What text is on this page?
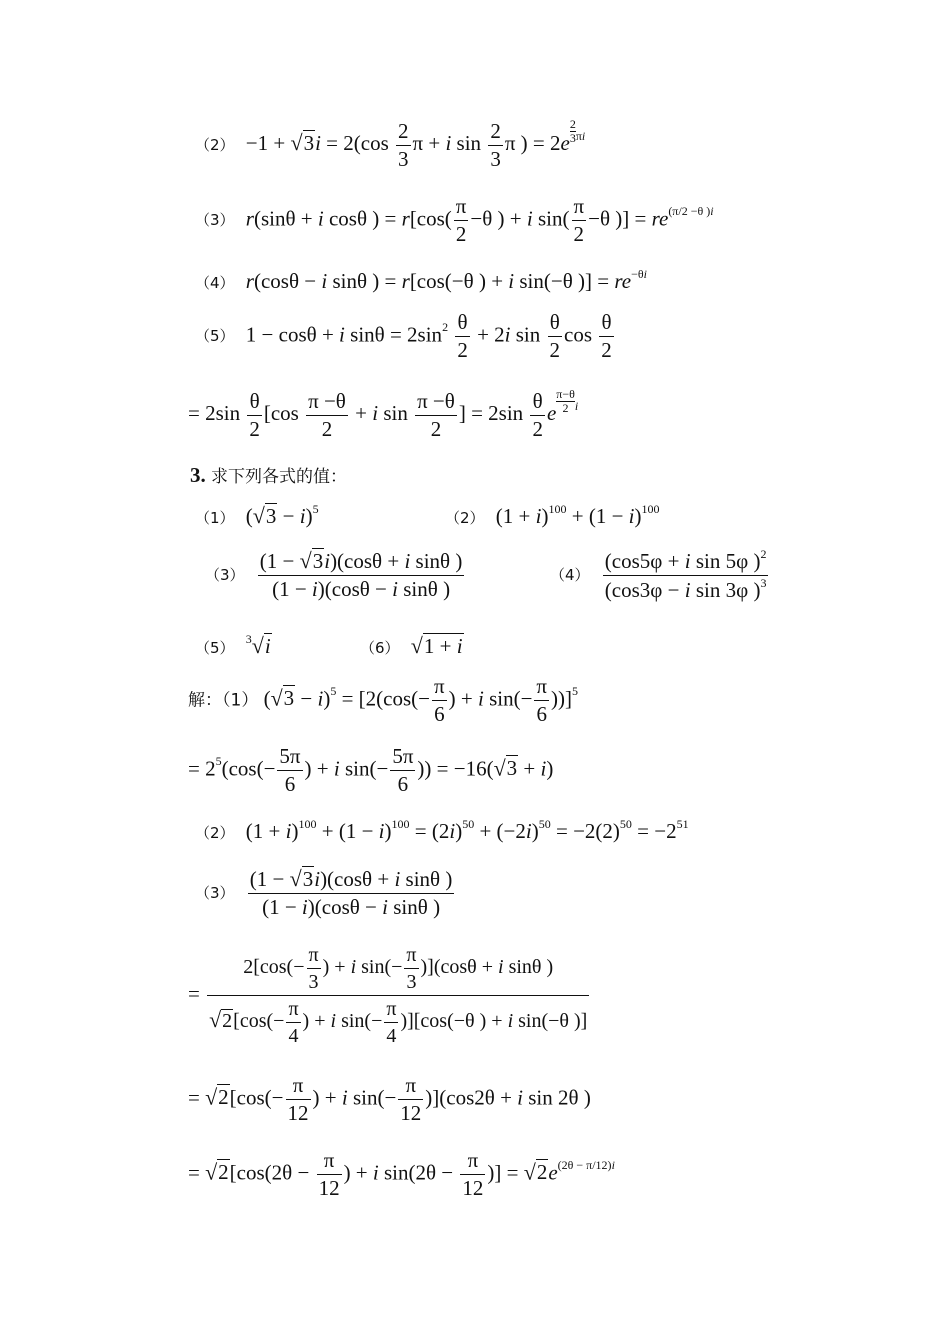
$(2) -1 + √3i = 2(\cos \frac{2}{3}$ π + i $\sin \frac{2}{3}$ π ) = $2e \frac{2}{3} ^{\pi i}$
（3） r(sinθ + i cosθ ) = $r[\cos( \frac{\pi}{2} -\theta$ ) + i $\sin( \frac{\pi}{2} -\theta$ )] = $re^{(\pi/2 -\theta )i}$
（4） r(cosθ − i sinθ ) = r[cos(−θ ) + i sin(−θ )] = $re^{-\theta i}$
（5） 1 − cosθ + i $\sin\theta = 2\sin^2 \frac{\theta}{2} + 2i$ $\sin \frac{\theta}{2}$ $\cos \frac{\theta}{2}$
= $2\sin \frac{\theta}{2} [\cos \frac{\pi -\theta}{2} + i$ $\sin \frac{\pi -\theta}{2}$ ] = $2\sin \frac{\theta}{2}$ e $\frac{\pi-\theta}{2} ^i$
3. 求下列各式的值：
（1） $(√3 - i)^5$	（2） $(1 + i)^{100} + (1 - i)^{100}$
$(3) \frac{\text{(1 − √3i)(cosθ + i sinθ )}}{\text{(1 − i)(cosθ − i sinθ )}}$	$(4) \frac{(\cos 5\varphi + i \sin 5\varphi )^2}{(\cos 3\varphi - i \sin 3\varphi )^3}$
（5） $^3$√i	（6） √1 + i
解：（1） $(√3 - i)^5 = [2(\cos(- \frac{\pi}{6}$ ) + i $\sin(- \frac{\pi}{6} ))]^5$
= $2^5(\cos(- \frac{5\pi}{6}$ ) + i $\sin(- \frac{5\pi}{6}$ )) = −16(√3 + i)
（2） $(1 + i)^{100} + (1 - i)^{100} = (2i)^{50} + (-2i)^{50} = -2(2)^{50} = -2^{51}$
$(3) \frac{\text{(1 − √3i)(cosθ + i sinθ )}}{\text{(1 − i)(cosθ − i sinθ )}}$
= $\frac{2[\cos(- \frac{\pi}{3} ) + i \sin(- \frac{\pi}{3} )](\cos\theta + i \sin\theta )}{√2[\cos(- \frac{\pi}{4} ) + i \sin(- \frac{\pi}{4} )][\cos(-\theta ) + i \sin(-\theta )]}$
= $√2[\cos(- \frac{\pi}{12}$ ) + i $\sin(- \frac{\pi}{12} )](\cos 2\theta + i$ sin 2θ )
= $√2[\cos(2\theta - \frac{\pi}{12}$ ) + i $\sin(2\theta - \frac{\pi}{12}$ )] = $√2e^{(2\theta - \pi/12)i}$
